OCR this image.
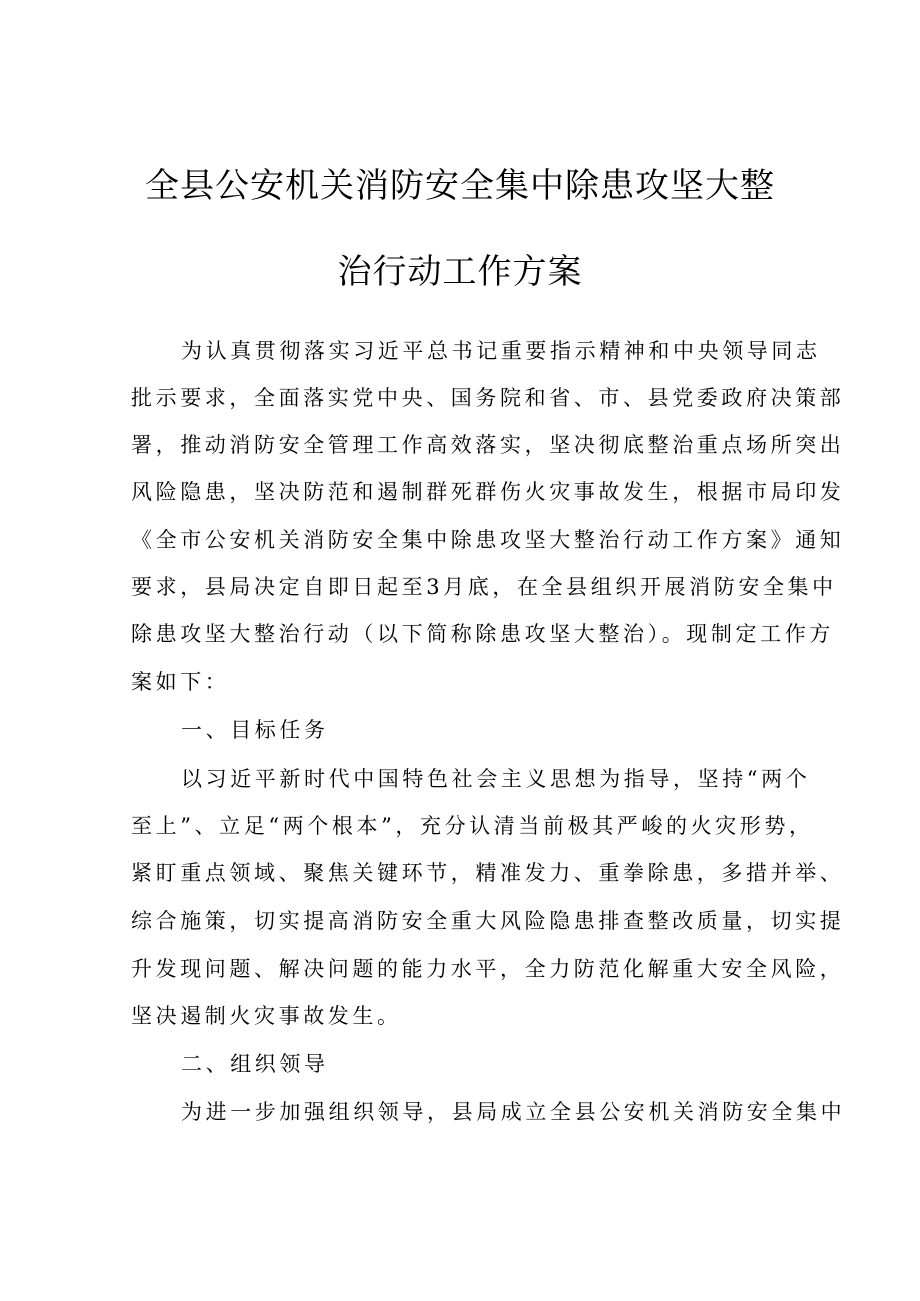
全县公安机关消防安全集中除患攻坚大整
治行动工作方案
为认真贯彻落实习近平总书记重要指示精神和中央领导同志
批示要求，全面落实党中央、国务院和省、市、县党委政府决策部
署，推动消防安全管理工作高效落实，坚决彻底整治重点场所突出
风险隐患，坚决防范和遏制群死群伤火灾事故发生，根据市局印发
《全市公安机关消防安全集中除患攻坚大整治行动工作方案》通知
要求，县局决定自即日起至3月底，在全县组织开展消防安全集中
除患攻坚大整治行动（以下简称除患攻坚大整治）。现制定工作方
案如下：
一、目标任务
以习近平新时代中国特色社会主义思想为指导，坚持“两个
至上”、立足“两个根本”，充分认清当前极其严峻的火灾形势，
紧盯重点领域、聚焦关键环节，精准发力、重拳除患，多措并举、
综合施策，切实提高消防安全重大风险隐患排查整改质量，切实提
升发现问题、解决问题的能力水平，全力防范化解重大安全风险，
坚决遏制火灾事故发生。
二、组织领导
为进一步加强组织领导，县局成立全县公安机关消防安全集中
